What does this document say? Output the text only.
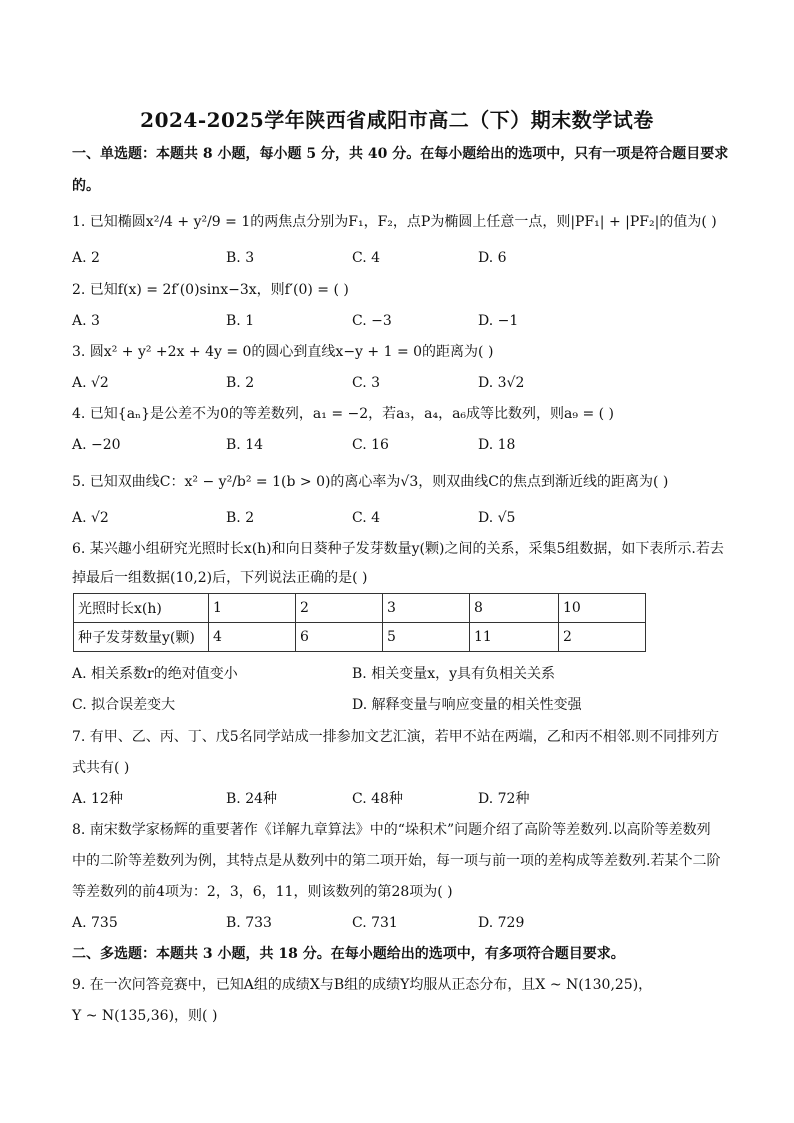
2024-2025学年陕西省咸阳市高二（下）期末数学试卷
一、单选题：本题共 8 小题，每小题 5 分，共 40 分。在每小题给出的选项中，只有一项是符合题目要求
的。
1. 已知椭圆x²/4 + y²/9 = 1的两焦点分别为F₁，F₂，点P为椭圆上任意一点，则|PF₁| + |PF₂|的值为( )
A. 2	B. 3	C. 4	D. 6
2. 已知f(x) = 2f′(0)sinx−3x，则f′(0) = ( )
A. 3	B. 1	C. −3	D. −1
3. 圆x² + y² +2x + 4y = 0的圆心到直线x−y + 1 = 0的距离为( )
A. √2	B. 2	C. 3	D. 3√2
4. 已知{aₙ}是公差不为0的等差数列，a₁ = −2，若a₃，a₄，a₆成等比数列，则a₉ = ( )
A. −20	B. 14	C. 16	D. 18
5. 已知双曲线C：x² − y²/b² = 1(b > 0)的离心率为√3，则双曲线C的焦点到渐近线的距离为( )
A. √2	B. 2	C. 4	D. √5
6. 某兴趣小组研究光照时长x(h)和向日葵种子发芽数量y(颗)之间的关系，采集5组数据，如下表所示.若去
掉最后一组数据(10,2)后，下列说法正确的是( )
光照时长x(h)	1	2	3	8	10
种子发芽数量y(颗)	4	6	5	11	2
A. 相关系数r的绝对值变小	B. 相关变量x，y具有负相关关系
C. 拟合误差变大	D. 解释变量与响应变量的相关性变强
7. 有甲、乙、丙、丁、戊5名同学站成一排参加文艺汇演，若甲不站在两端，乙和丙不相邻.则不同排列方
式共有( )
A. 12种	B. 24种	C. 48种	D. 72种
8. 南宋数学家杨辉的重要著作《详解九章算法》中的“垛积术”问题介绍了高阶等差数列.以高阶等差数列
中的二阶等差数列为例，其特点是从数列中的第二项开始，每一项与前一项的差构成等差数列.若某个二阶
等差数列的前4项为：2，3，6，11，则该数列的第28项为( )
A. 735	B. 733	C. 731	D. 729
二、多选题：本题共 3 小题，共 18 分。在每小题给出的选项中，有多项符合题目要求。
9. 在一次问答竞赛中，已知A组的成绩X与B组的成绩Y均服从正态分布，且X ~ N(130,25)，
Y ~ N(135,36)，则( )
